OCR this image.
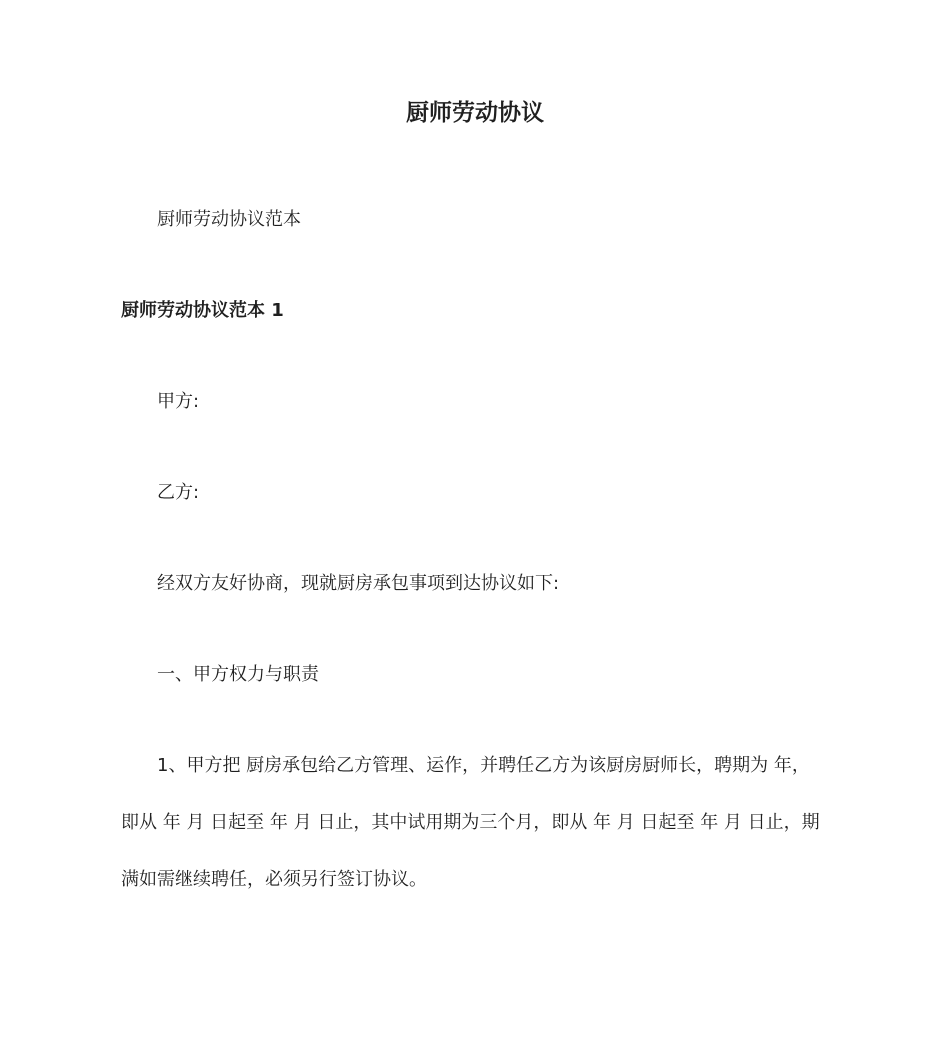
厨师劳动协议

厨师劳动协议范本

厨师劳动协议范本 1

甲方:

乙方:

经双方友好协商，现就厨房承包事项到达协议如下:

一、甲方权力与职责

1、甲方把 厨房承包给乙方管理、运作，并聘任乙方为该厨房厨师长，聘期为 年，

即从 年 月 日起至 年 月 日止，其中试用期为三个月，即从 年 月 日起至 年 月 日止，期

满如需继续聘任，必须另行签订协议。
